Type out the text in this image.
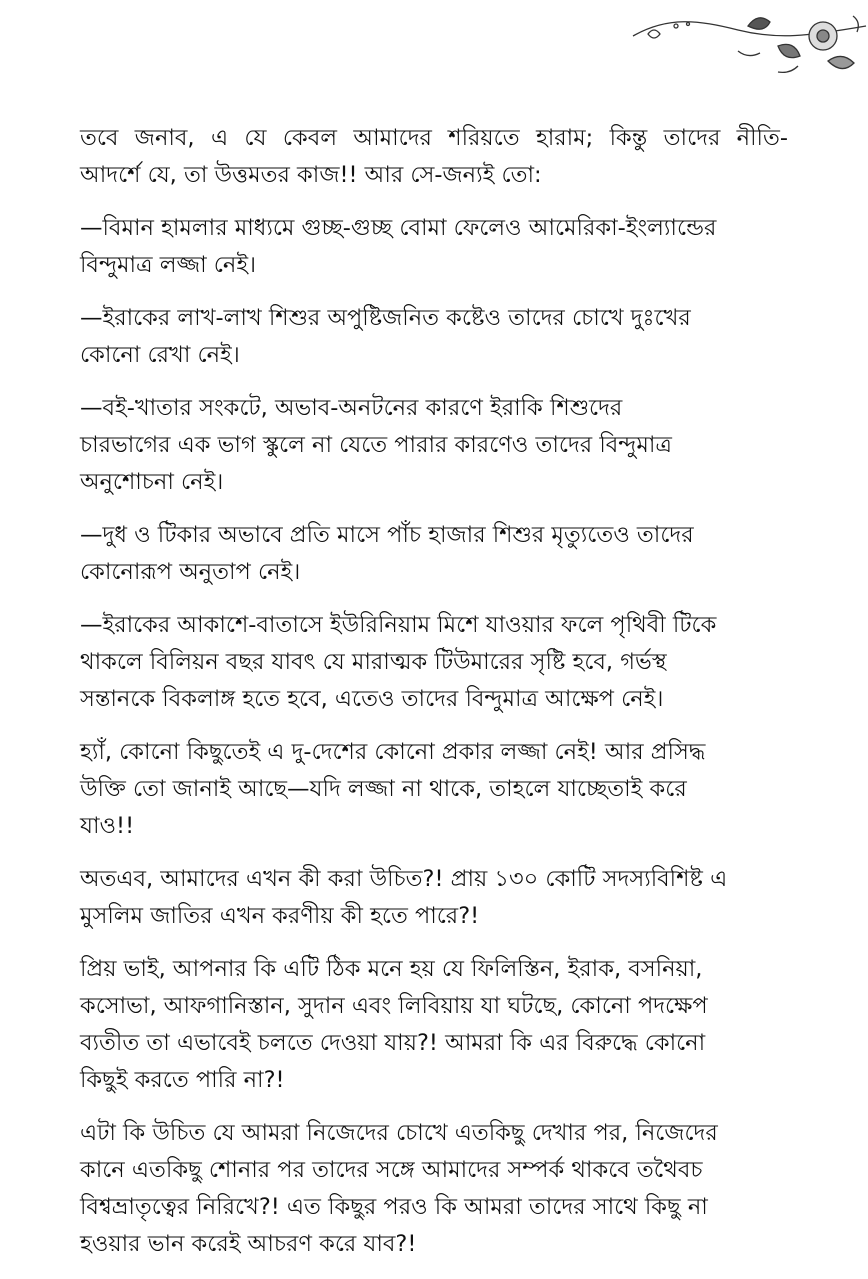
তবে জনাব, এ যে কেবল আমাদের শরিয়তে হারাম; কিন্তু তাদের নীতি-
আদর্শে যে, তা উত্তমতর কাজ!! আর সে-জন্যই তো:

—বিমান হামলার মাধ্যমে গুচ্ছ-গুচ্ছ বোমা ফেলেও আমেরিকা-ইংল্যান্ডের
বিন্দুমাত্র লজ্জা নেই।

—ইরাকের লাখ-লাখ শিশুর অপুষ্টিজনিত কষ্টেও তাদের চোখে দুঃখের
কোনো রেখা নেই।

—বই-খাতার সংকটে, অভাব-অনটনের কারণে ইরাকি শিশুদের
চারভাগের এক ভাগ স্কুলে না যেতে পারার কারণেও তাদের বিন্দুমাত্র
অনুশোচনা নেই।

—দুধ ও টিকার অভাবে প্রতি মাসে পাঁচ হাজার শিশুর মৃত্যুতেও তাদের
কোনোরূপ অনুতাপ নেই।

—ইরাকের আকাশে-বাতাসে ইউরিনিয়াম মিশে যাওয়ার ফলে পৃথিবী টিকে
থাকলে বিলিয়ন বছর যাবৎ যে মারাত্মক টিউমারের সৃষ্টি হবে, গর্ভস্থ
সন্তানকে বিকলাঙ্গ হতে হবে, এতেও তাদের বিন্দুমাত্র আক্ষেপ নেই।

হ্যাঁ, কোনো কিছুতেই এ দু-দেশের কোনো প্রকার লজ্জা নেই! আর প্রসিদ্ধ
উক্তি তো জানাই আছে—যদি লজ্জা না থাকে, তাহলে যাচ্ছেতাই করে
যাও!!

অতএব, আমাদের এখন কী করা উচিত?! প্রায় ১৩০ কোটি সদস্যবিশিষ্ট এ
মুসলিম জাতির এখন করণীয় কী হতে পারে?!

প্রিয় ভাই, আপনার কি এটি ঠিক মনে হয় যে ফিলিস্তিন, ইরাক, বসনিয়া,
কসোভা, আফগানিস্তান, সুদান এবং লিবিয়ায় যা ঘটছে, কোনো পদক্ষেপ
ব্যতীত তা এভাবেই চলতে দেওয়া যায়?! আমরা কি এর বিরুদ্ধে কোনো
কিছুই করতে পারি না?!

এটা কি উচিত যে আমরা নিজেদের চোখে এতকিছু দেখার পর, নিজেদের
কানে এতকিছু শোনার পর তাদের সঙ্গে আমাদের সম্পর্ক থাকবে তথৈবচ
বিশ্বভ্রাতৃত্বের নিরিখে?! এত কিছুর পরও কি আমরা তাদের সাথে কিছু না
হওয়ার ভান করেই আচরণ করে যাব?!
